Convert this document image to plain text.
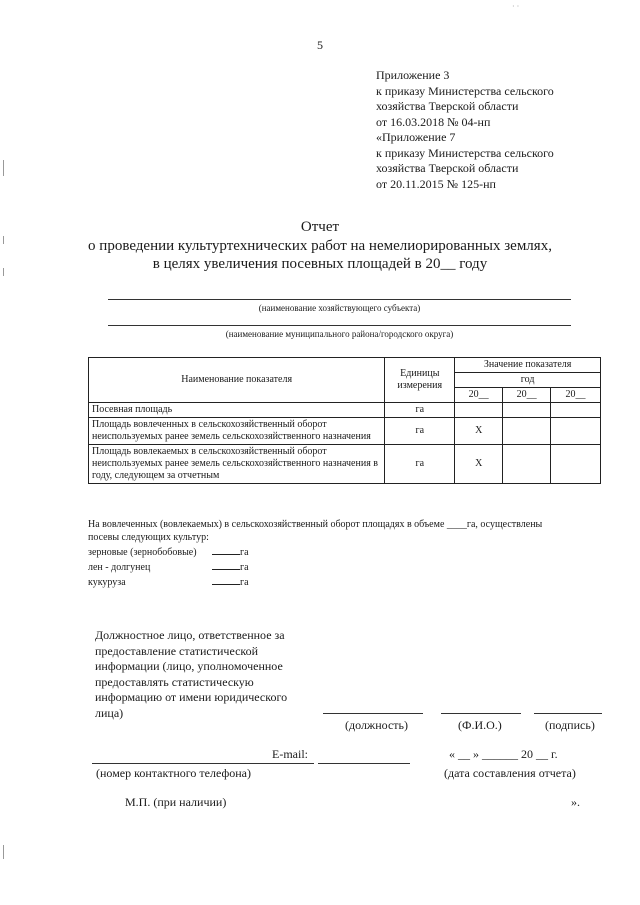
· ·
5
Приложение 3
к приказу Министерства сельского
хозяйства Тверской области
от 16.03.2018 № 04-нп
«Приложение 7
к приказу Министерства сельского
хозяйства Тверской области
от 20.11.2015 № 125-нп
Отчет
о проведении культуртехнических работ на немелиорированных землях,
в целях увеличения посевных площадей в 20__ году
(наименование хозяйствующего субъекта)
(наименование муниципального района/городского округа)
Наименование показателя	Единицы измерения	Значение показателя		
		год		
		20__	20__	20__
Посевная площадь	га			
Площадь вовлеченных в сельскохозяйственный оборот неиспользуемых ранее земель сельскохозяйственного назначения	га	Х		
Площадь вовлекаемых в сельскохозяйственный оборот неиспользуемых ранее земель сельскохозяйственного назначения в году, следующем за отчетным	га	Х		
На вовлеченных (вовлекаемых) в сельскохозяйственный оборот площадях в объеме ____га, осуществлены
посевы следующих культур:
зерновые (зернобобовые)	га
лен - долгунец	га
кукуруза	га
Должностное лицо, ответственное за предоставление статистической информации (лицо, уполномоченное предоставлять статистическую информацию от имени юридического лица)
(должность)	(Ф.И.О.)	(подпись)
E-mail:	« __ » ______ 20 __ г.
(номер контактного телефона)	(дата составления отчета)
М.П. (при наличии)	».
